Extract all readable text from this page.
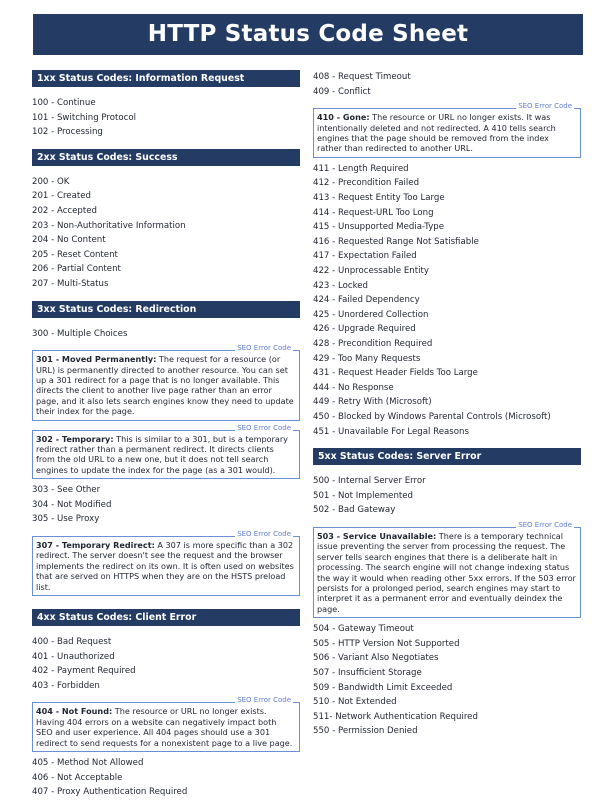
HTTP Status Code Sheet
1xx Status Codes: Information Request
100 - Continue
101 - Switching Protocol
102 - Processing
2xx Status Codes: Success
200 - OK
201 - Created
202 - Accepted
203 - Non-Authoritative Information
204 - No Content
205 - Reset Content
206 - Partial Content
207 - Multi-Status
3xx Status Codes: Redirection
300 - Multiple Choices
SEO Error Code
301 - Moved Permanently: The request for a resource (or URL) is permanently directed to another resource. You can set up a 301 redirect for a page that is no longer available. This directs the client to another live page rather than an error page, and it also lets search engines know they need to update their index for the page.
SEO Error Code
302 - Temporary: This is similar to a 301, but is a temporary redirect rather than a permanent redirect. It directs clients from the old URL to a new one, but it does not tell search engines to update the index for the page (as a 301 would).
303 - See Other
304 - Not Modified
305 - Use Proxy
SEO Error Code
307 - Temporary Redirect: A 307 is more specific than a 302 redirect. The server doesn't see the request and the browser implements the redirect on its own. It is often used on websites that are served on HTTPS when they are on the HSTS preload list.
4xx Status Codes: Client Error
400 - Bad Request
401 - Unauthorized
402 - Payment Required
403 - Forbidden
SEO Error Code
404 - Not Found: The resource or URL no longer exists. Having 404 errors on a website can negatively impact both SEO and user experience. All 404 pages should use a 301 redirect to send requests for a nonexistent page to a live page.
405 - Method Not Allowed
406 - Not Acceptable
407 - Proxy Authentication Required
408 - Request Timeout
409 - Conflict
SEO Error Code
410 - Gone: The resource or URL no longer exists. It was intentionally deleted and not redirected. A 410 tells search engines that the page should be removed from the index rather than redirected to another URL.
411 - Length Required
412 - Precondition Failed
413 - Request Entity Too Large
414 - Request-URL Too Long
415 - Unsupported Media-Type
416 - Requested Range Not Satisfiable
417 - Expectation Failed
422 - Unprocessable Entity
423 - Locked
424 - Failed Dependency
425 - Unordered Collection
426 - Upgrade Required
428 - Precondition Required
429 - Too Many Requests
431 - Request Header Fields Too Large
444 - No Response
449 - Retry With (Microsoft)
450 - Blocked by Windows Parental Controls (Microsoft)
451 - Unavailable For Legal Reasons
5xx Status Codes: Server Error
500 - Internal Server Error
501 - Not Implemented
502 - Bad Gateway
SEO Error Code
503 - Service Unavailable: There is a temporary technical issue preventing the server from processing the request. The server tells search engines that there is a deliberate halt in processing. The search engine will not change indexing status the way it would when reading other 5xx errors. If the 503 error persists for a prolonged period, search engines may start to interpret it as a permanent error and eventually deindex the page.
504 - Gateway Timeout
505 - HTTP Version Not Supported
506 - Variant Also Negotiates
507 - Insufficient Storage
509 - Bandwidth Limit Exceeded
510 - Not Extended
511- Network Authentication Required
550 - Permission Denied
